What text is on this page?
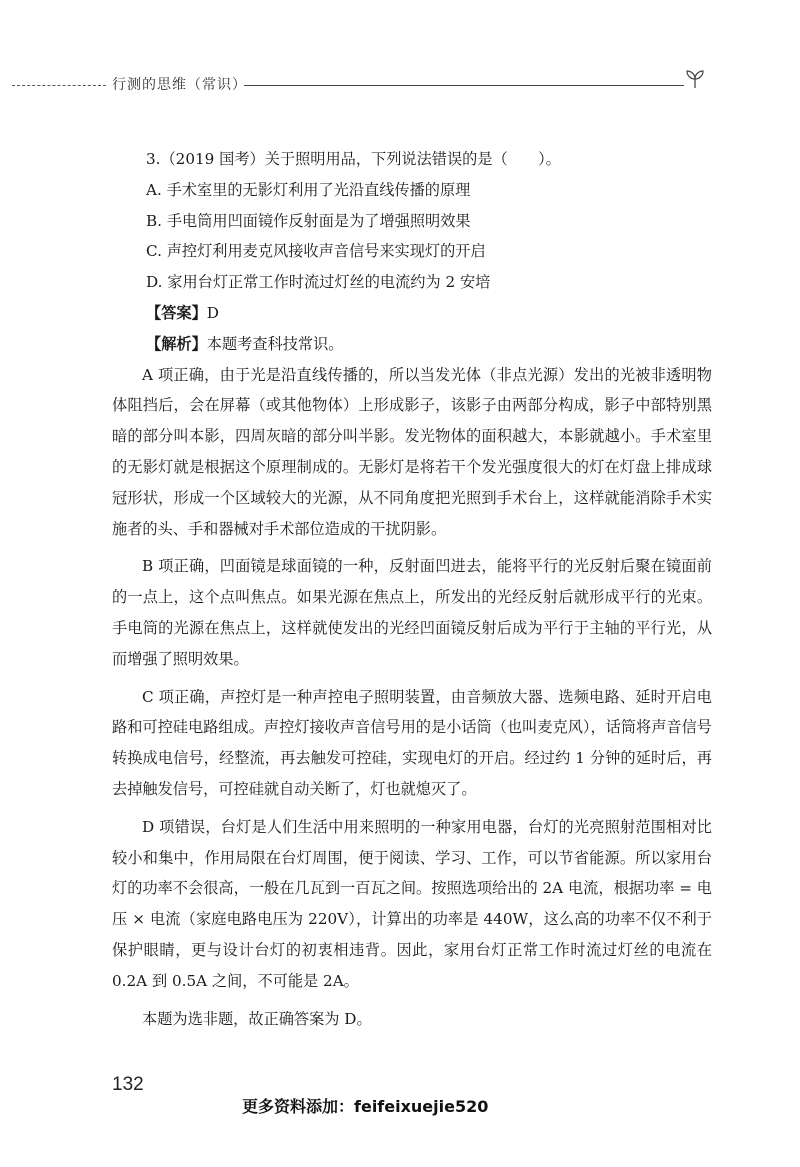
行测的思维（常识）

3.（2019 国考）关于照明用品，下列说法错误的是（　　）。

A. 手术室里的无影灯利用了光沿直线传播的原理

B. 手电筒用凹面镜作反射面是为了增强照明效果

C. 声控灯利用麦克风接收声音信号来实现灯的开启

D. 家用台灯正常工作时流过灯丝的电流约为 2 安培

【答案】D

【解析】本题考查科技常识。

A 项正确，由于光是沿直线传播的，所以当发光体（非点光源）发出的光被非透明物体阻挡后，会在屏幕（或其他物体）上形成影子，该影子由两部分构成，影子中部特别黑暗的部分叫本影，四周灰暗的部分叫半影。发光物体的面积越大，本影就越小。手术室里的无影灯就是根据这个原理制成的。无影灯是将若干个发光强度很大的灯在灯盘上排成球冠形状，形成一个区域较大的光源，从不同角度把光照到手术台上，这样就能消除手术实施者的头、手和器械对手术部位造成的干扰阴影。

B 项正确，凹面镜是球面镜的一种，反射面凹进去，能将平行的光反射后聚在镜面前的一点上，这个点叫焦点。如果光源在焦点上，所发出的光经反射后就形成平行的光束。手电筒的光源在焦点上，这样就使发出的光经凹面镜反射后成为平行于主轴的平行光，从而增强了照明效果。

C 项正确，声控灯是一种声控电子照明装置，由音频放大器、选频电路、延时开启电路和可控硅电路组成。声控灯接收声音信号用的是小话筒（也叫麦克风），话筒将声音信号转换成电信号，经整流，再去触发可控硅，实现电灯的开启。经过约 1 分钟的延时后，再去掉触发信号，可控硅就自动关断了，灯也就熄灭了。

D 项错误，台灯是人们生活中用来照明的一种家用电器，台灯的光亮照射范围相对比较小和集中，作用局限在台灯周围，便于阅读、学习、工作，可以节省能源。所以家用台灯的功率不会很高，一般在几瓦到一百瓦之间。按照选项给出的 2A 电流，根据功率 = 电压 × 电流（家庭电路电压为 220V），计算出的功率是 440W，这么高的功率不仅不利于保护眼睛，更与设计台灯的初衷相违背。因此，家用台灯正常工作时流过灯丝的电流在 0.2A 到 0.5A 之间，不可能是 2A。

本题为选非题，故正确答案为 D。

132
更多资料添加：feifeixuejie520
